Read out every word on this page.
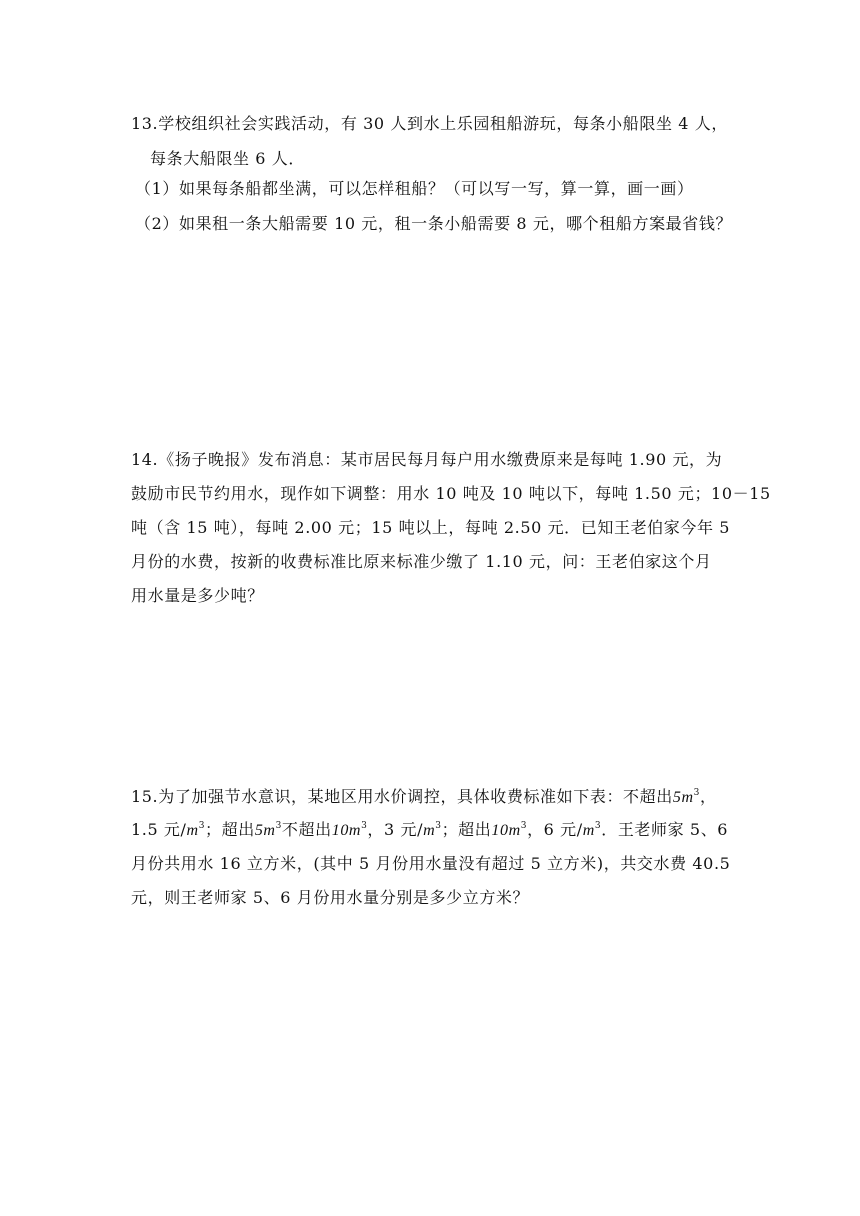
13.学校组织社会实践活动，有 30 人到水上乐园租船游玩，每条小船限坐 4 人，
每条大船限坐 6 人．
（1）如果每条船都坐满，可以怎样租船？（可以写一写，算一算，画一画）
（2）如果租一条大船需要 10 元，租一条小船需要 8 元，哪个租船方案最省钱？
14.《扬子晚报》发布消息：某市居民每月每户用水缴费原来是每吨 1.90 元，为
鼓励市民节约用水，现作如下调整：用水 10 吨及 10 吨以下，每吨 1.50 元；10－15
吨（含 15 吨），每吨 2.00 元；15 吨以上，每吨 2.50 元．已知王老伯家今年 5
月份的水费，按新的收费标准比原来标准少缴了 1.10 元，问：王老伯家这个月
用水量是多少吨？
15.为了加强节水意识，某地区用水价调控，具体收费标准如下表：不超出$5m^3$，
1.5 元$/m^3$；超出$5m^3$不超出$10m^3$，3 元$/m^3$；超出$10m^3$，6 元$/m^3$．王老师家 5、6
月份共用水 16 立方米，(其中 5 月份用水量没有超过 5 立方米)，共交水费 40.5
元，则王老师家 5、6 月份用水量分别是多少立方米？
